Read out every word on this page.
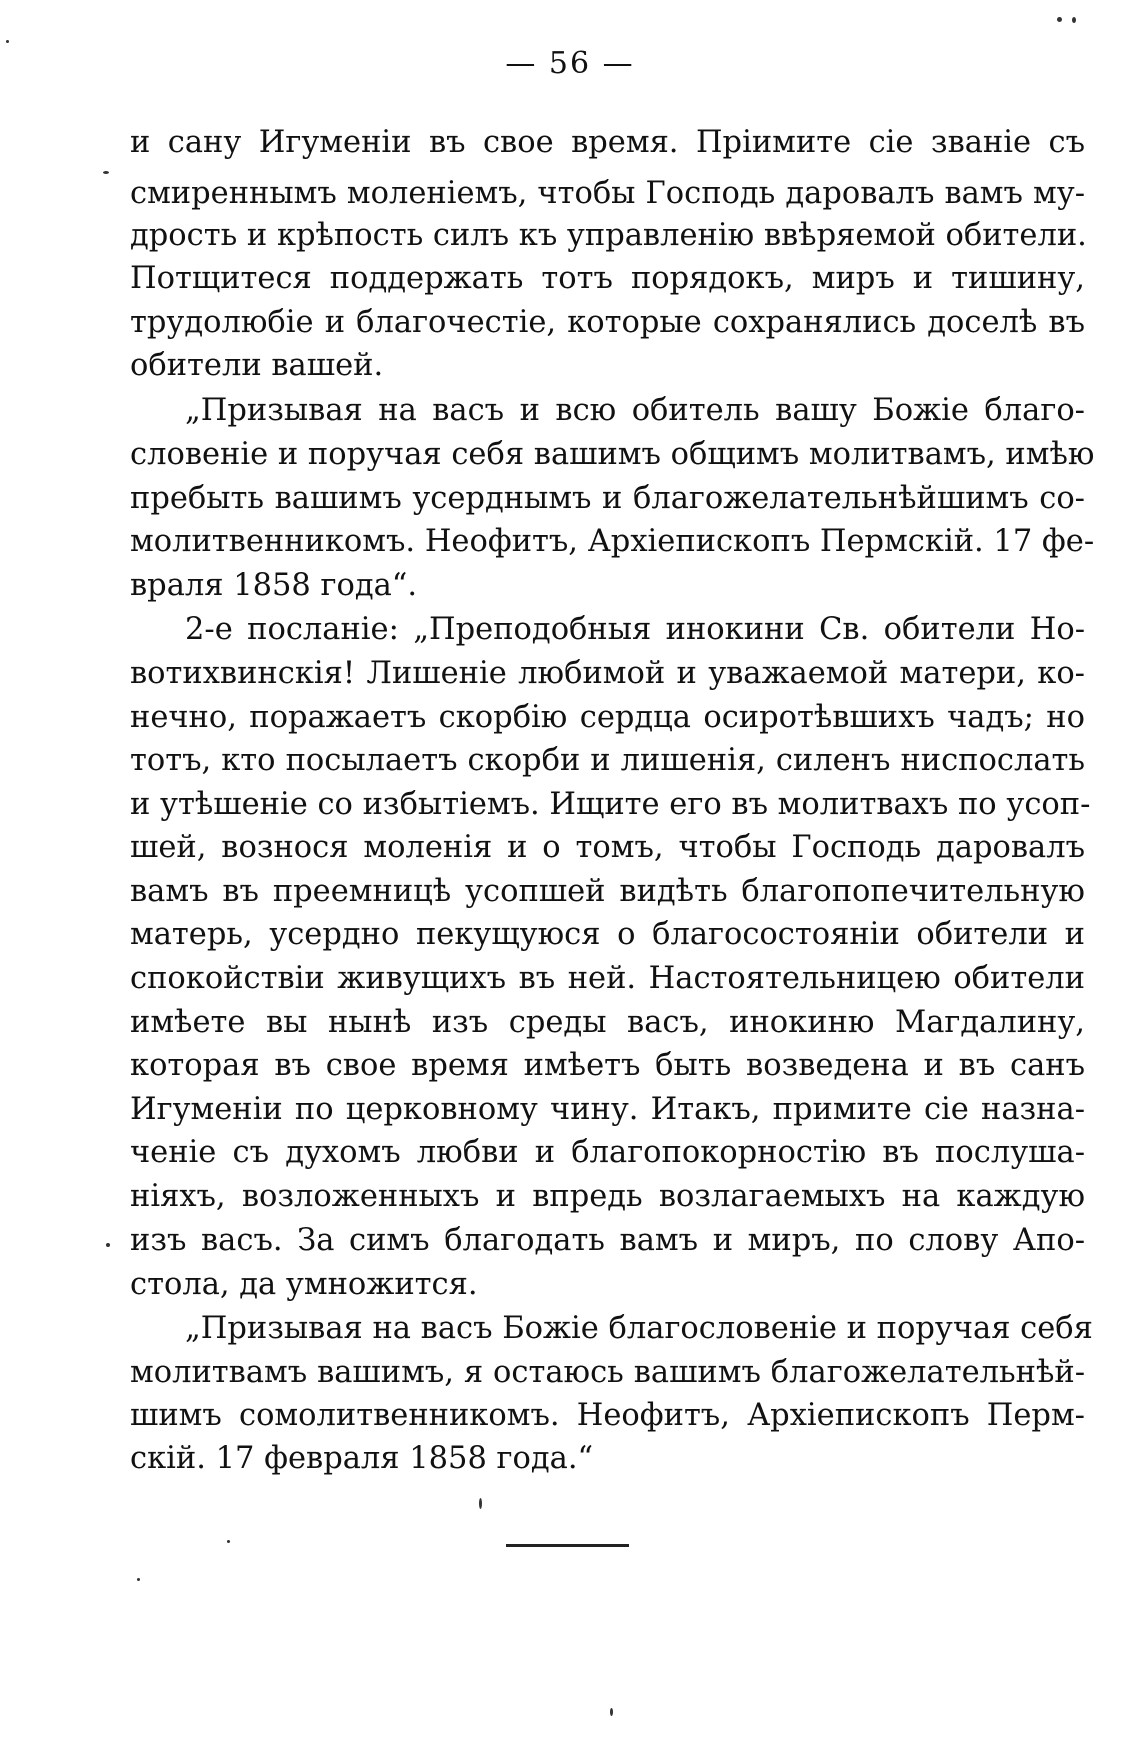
— 56 —
и сану Игуменіи въ свое время. Пріимите сіе званіе съ
смиреннымъ моленіемъ, чтобы Господь даровалъ вамъ му-
дрость и крѣпость силъ къ управленію ввѣряемой обители.
Потщитеся поддержать тотъ порядокъ, миръ и тишину,
трудолюбіе и благочестіе, которые сохранялись доселѣ въ
обители вашей.
„Призывая на васъ и всю обитель вашу Божіе благо-
словеніе и поручая себя вашимъ общимъ молитвамъ, имѣю
пребыть вашимъ усерднымъ и благожелательнѣйшимъ со-
молитвенникомъ. Неофитъ, Архіепископъ Пермскій. 17 фе-
враля 1858 года“.
2-е посланіе: „Преподобныя инокини Св. обители Но-
вотихвинскія! Лишеніе любимой и уважаемой матери, ко-
нечно, поражаетъ скорбію сердца осиротѣвшихъ чадъ; но
тотъ, кто посылаетъ скорби и лишенія, силенъ ниспослать
и утѣшеніе со избытіемъ. Ищите его въ молитвахъ по усоп-
шей, вознося моленія и о томъ, чтобы Господь даровалъ
вамъ въ преемницѣ усопшей видѣть благопопечительную
матерь, усердно пекущуюся о благосостояніи обители и
спокойствіи живущихъ въ ней. Настоятельницею обители
имѣете вы нынѣ изъ среды васъ, инокиню Магдалину,
которая въ свое время имѣетъ быть возведена и въ санъ
Игуменіи по церковному чину. Итакъ, примите сіе назна-
ченіе съ духомъ любви и благопокорностію въ послуша-
ніяхъ, возложенныхъ и впредь возлагаемыхъ на каждую
изъ васъ. За симъ благодать вамъ и миръ, по слову Апо-
стола, да умножится.
„Призывая на васъ Божіе благословеніе и поручая себя
молитвамъ вашимъ, я остаюсь вашимъ благожелательнѣй-
шимъ сомолитвенникомъ. Неофитъ, Архіепископъ Перм-
скій. 17 февраля 1858 года.“
